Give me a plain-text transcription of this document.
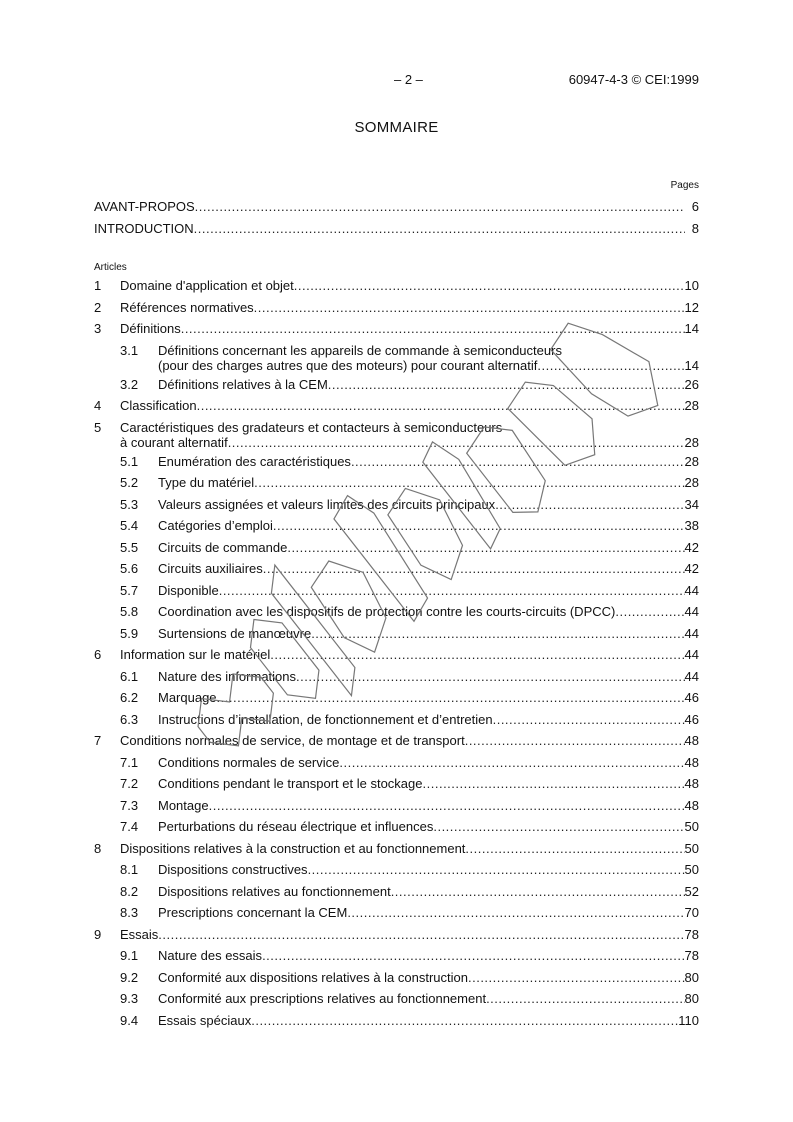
– 2 –	60947-4-3 © CEI:1999
SOMMAIRE
Pages
AVANT-PROPOS .....	6
INTRODUCTION .....	8
Articles
1 Domaine d'application et objet .....	10
2 Références normatives .....	12
3 Définitions .....	14
3.1 Définitions concernant les appareils de commande à semiconducteurs
(pour des charges autres que des moteurs) pour courant alternatif .....	14
3.2 Définitions relatives à la CEM .....	26
4 Classification .....	28
5 Caractéristiques des gradateurs et contacteurs à semiconducteurs
à courant alternatif .....	28
5.1 Enumération des caractéristiques .....	28
5.2 Type du matériel .....	28
5.3 Valeurs assignées et valeurs limites des circuits principaux .....	34
5.4 Catégories d’emploi .....	38
5.5 Circuits de commande .....	42
5.6 Circuits auxiliaires .....	42
5.7 Disponible .....	44
5.8 Coordination avec les dispositifs de protection contre les courts-circuits (DPCC) .....	44
5.9 Surtensions de manœuvre .....	44
6 Information sur le matériel .....	44
6.1 Nature des informations .....	44
6.2 Marquage .....	46
6.3 Instructions d’installation, de fonctionnement et d’entretien .....	46
7 Conditions normales de service, de montage et de transport .....	48
7.1 Conditions normales de service .....	48
7.2 Conditions pendant le transport et le stockage .....	48
7.3 Montage .....	48
7.4 Perturbations du réseau électrique et influences .....	50
8 Dispositions relatives à la construction et au fonctionnement .....	50
8.1 Dispositions constructives .....	50
8.2 Dispositions relatives au fonctionnement .....	52
8.3 Prescriptions concernant la CEM .....	70
9 Essais .....	78
9.1 Nature des essais .....	78
9.2 Conformité aux dispositions relatives à la construction .....	80
9.3 Conformité aux prescriptions relatives au fonctionnement .....	80
9.4 Essais spéciaux .....	110
